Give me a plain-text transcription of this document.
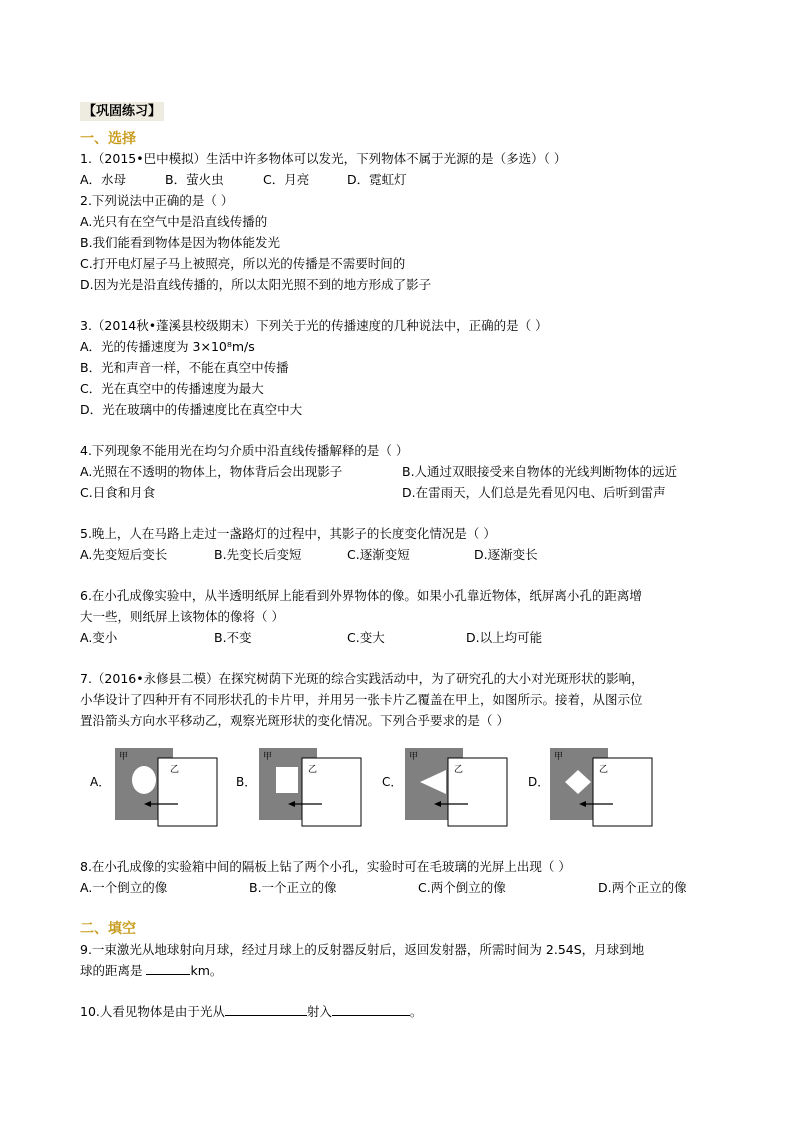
【巩固练习】
一、选择
1.（2015•巴中模拟）生活中许多物体可以发光，下列物体不属于光源的是（多选）（ ）
A．水母	B．萤火虫	C．月亮	D．霓虹灯
2.下列说法中正确的是（ ）
A.光只有在空气中是沿直线传播的
B.我们能看到物体是因为物体能发光
C.打开电灯屋子马上被照亮，所以光的传播是不需要时间的
D.因为光是沿直线传播的，所以太阳光照不到的地方形成了影子
3.（2014秋•蓬溪县校级期末）下列关于光的传播速度的几种说法中，正确的是（ ）
A．光的传播速度为 3×10⁸m/s
B．光和声音一样，不能在真空中传播
C．光在真空中的传播速度为最大
D．光在玻璃中的传播速度比在真空中大
4.下列现象不能用光在均匀介质中沿直线传播解释的是（ ）
A.光照在不透明的物体上，物体背后会出现影子	B.人通过双眼接受来自物体的光线判断物体的远近
C.日食和月食	D.在雷雨天，人们总是先看见闪电、后听到雷声
5.晚上，人在马路上走过一盏路灯的过程中，其影子的长度变化情况是（ ）
A.先变短后变长	B.先变长后变短	C.逐渐变短	D.逐渐变长
6.在小孔成像实验中，从半透明纸屏上能看到外界物体的像。如果小孔靠近物体，纸屏离小孔的距离增
大一些，则纸屏上该物体的像将（ ）
A.变小	B.不变	C.变大	D.以上均可能
7.（2016•永修县二模）在探究树荫下光斑的综合实践活动中，为了研究孔的大小对光斑形状的影响，
小华设计了四种开有不同形状孔的卡片甲，并用另一张卡片乙覆盖在甲上，如图所示。接着，从图示位
置沿箭头方向水平移动乙，观察光斑形状的变化情况。下列合乎要求的是（ ）
A．
甲
乙
B．
甲
乙
C．
甲
乙
D．
甲
乙
8.在小孔成像的实验箱中间的隔板上钻了两个小孔，实验时可在毛玻璃的光屏上出现（ ）
A.一个倒立的像	B.一个正立的像	C.两个倒立的像	D.两个正立的像
二、填空
9.一束激光从地球射向月球，经过月球上的反射器反射后，返回发射器，所需时间为 2.54S，月球到地
球的距离是	km。
10.人看见物体是由于光从	射入	。
